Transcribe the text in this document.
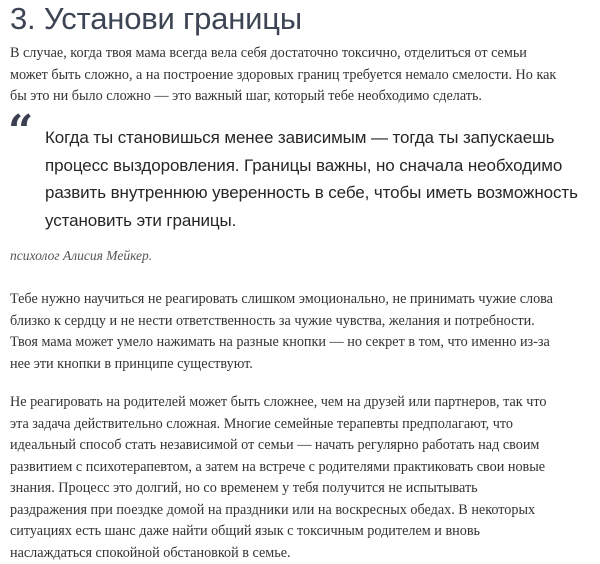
3. Установи границы

В случае, когда твоя мама всегда вела себя достаточно токсично, отделиться от семьи
может быть сложно, а на построение здоровых границ требуется немало смелости. Но как
бы это ни было сложно — это важный шаг, который тебе необходимо сделать.

“ Когда ты становишься менее зависимым — тогда ты запускаешь
процесс выздоровления. Границы важны, но сначала необходимо
развить внутреннюю уверенность в себе, чтобы иметь возможность
установить эти границы.

психолог Алисия Мейкер.

Тебе нужно научиться не реагировать слишком эмоционально, не принимать чужие слова
близко к сердцу и не нести ответственность за чужие чувства, желания и потребности.
Твоя мама может умело нажимать на разные кнопки — но секрет в том, что именно из-за
нее эти кнопки в принципе существуют.

Не реагировать на родителей может быть сложнее, чем на друзей или партнеров, так что
эта задача действительно сложная. Многие семейные терапевты предполагают, что
идеальный способ стать независимой от семьи — начать регулярно работать над своим
развитием с психотерапевтом, а затем на встрече с родителями практиковать свои новые
знания. Процесс это долгий, но со временем у тебя получится не испытывать
раздражения при поездке домой на праздники или на воскресных обедах. В некоторых
ситуациях есть шанс даже найти общий язык с токсичным родителем и вновь
наслаждаться спокойной обстановкой в семье.
